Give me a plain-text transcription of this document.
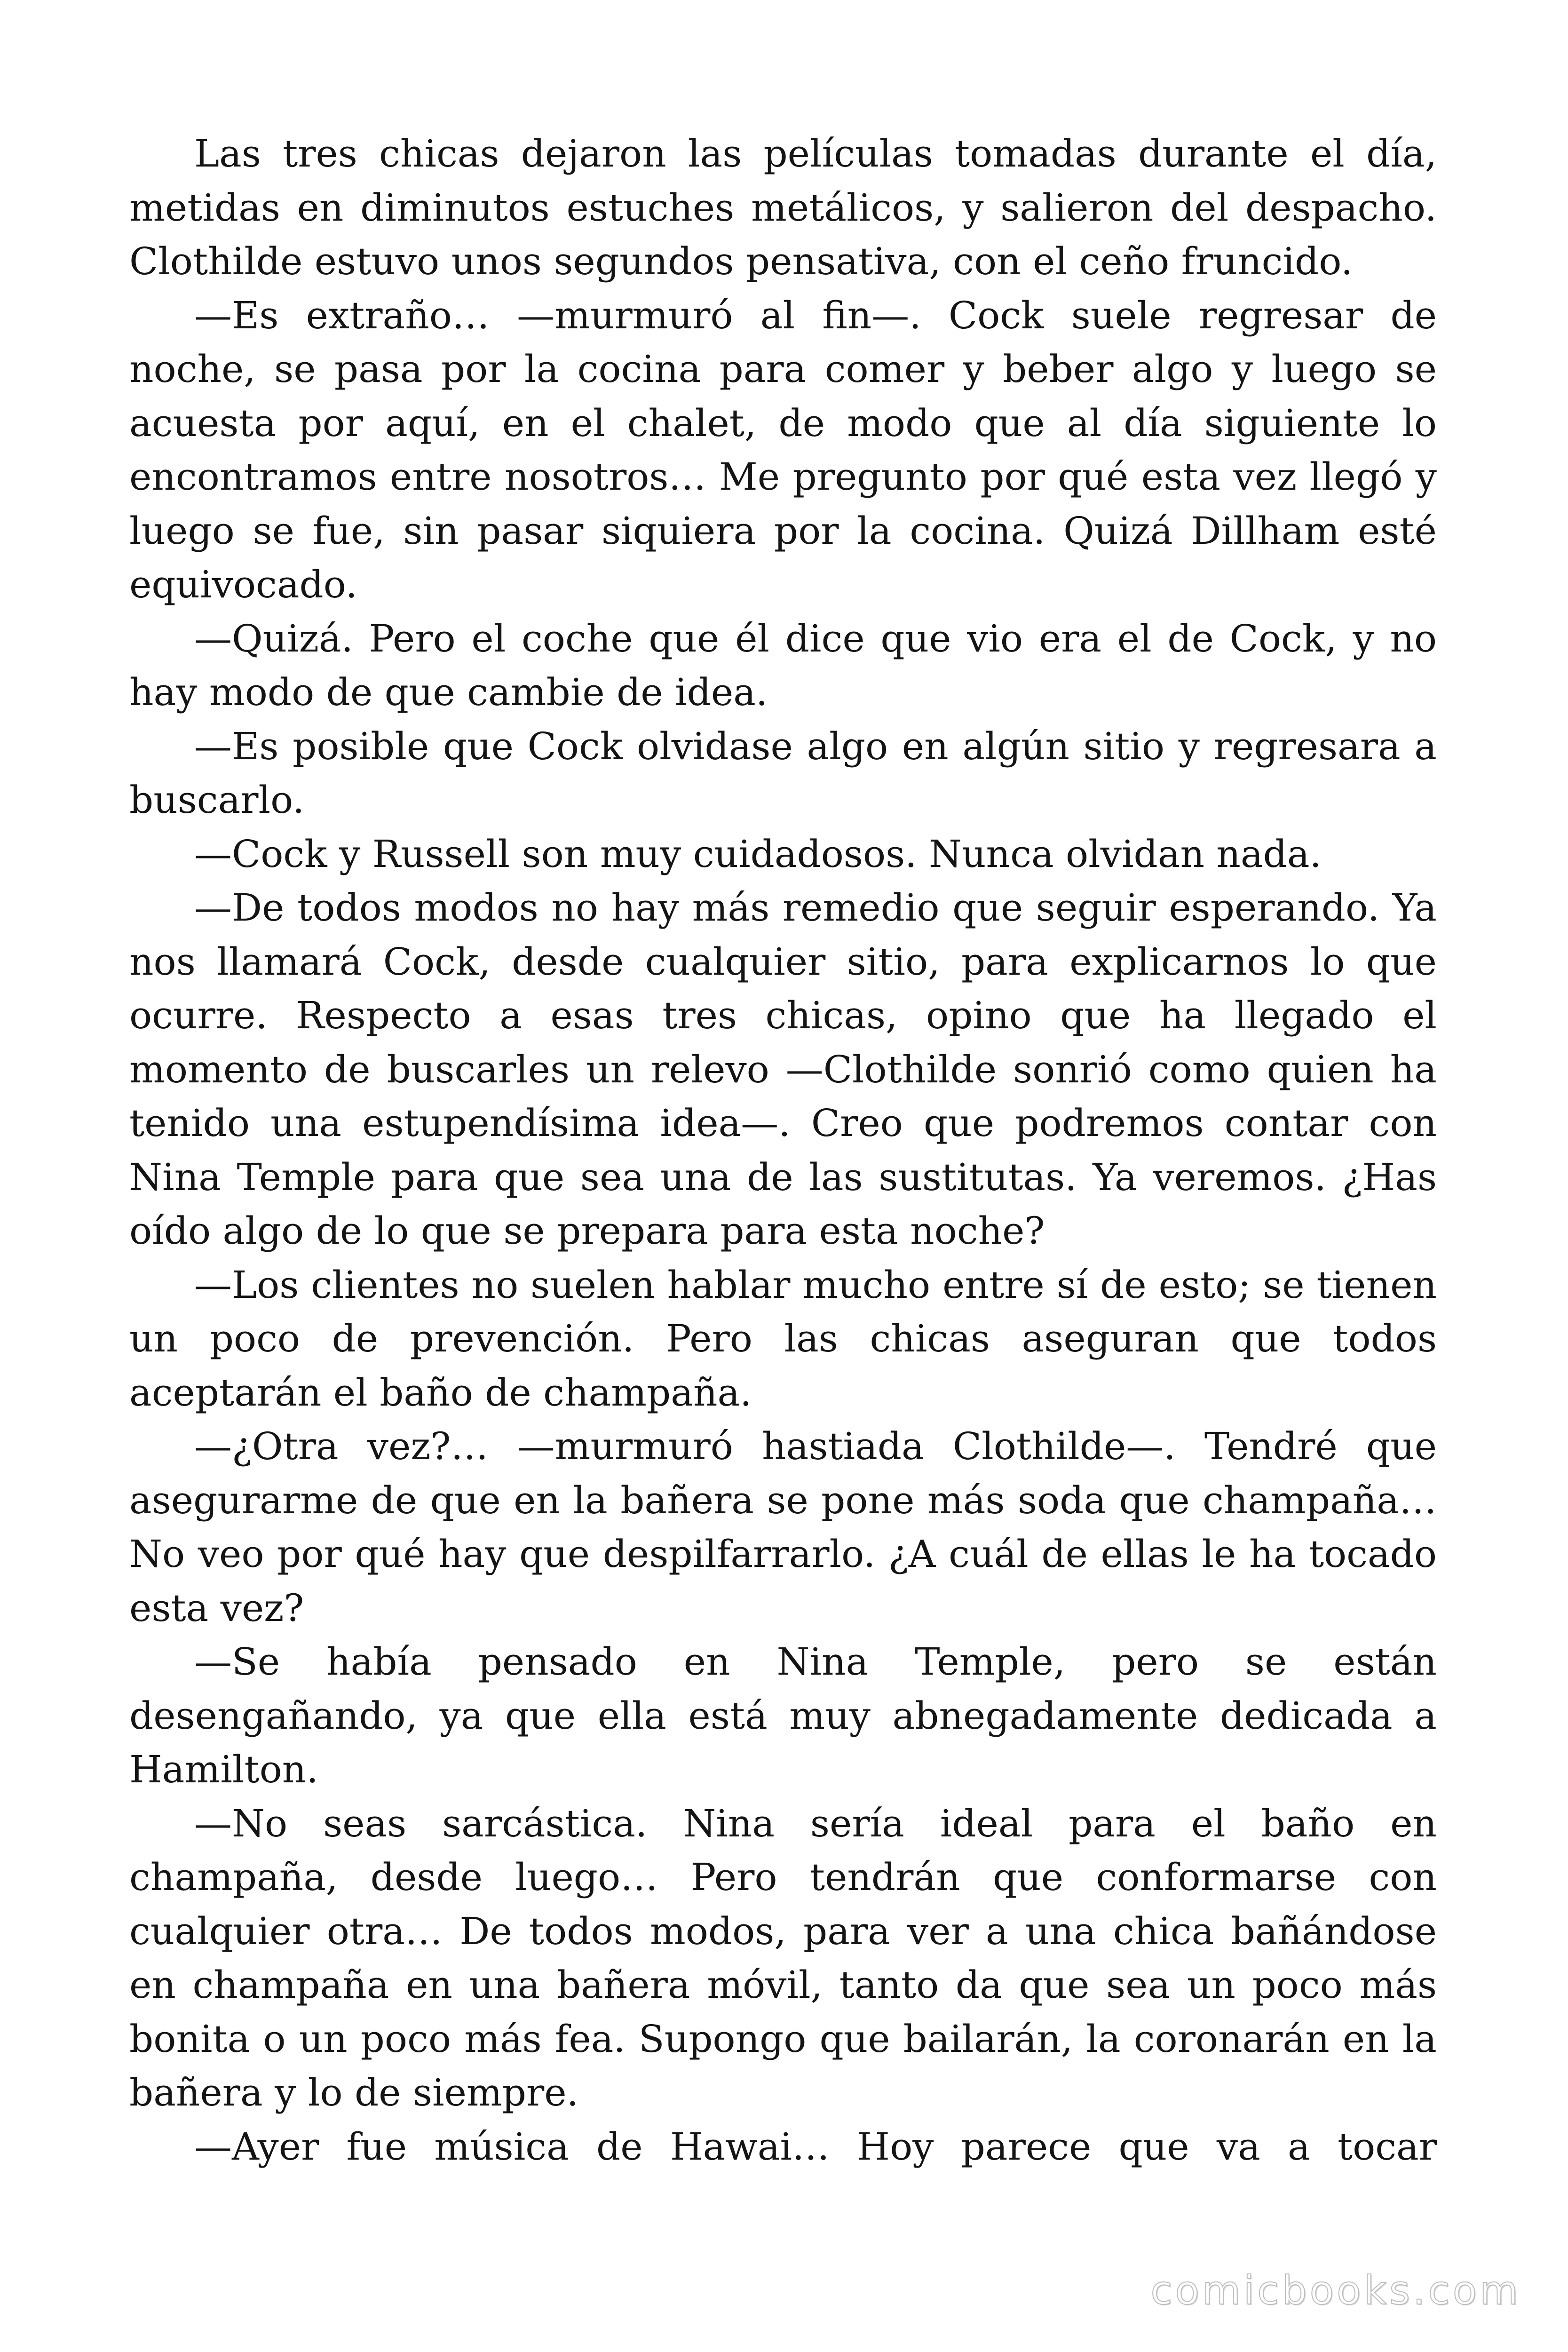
Las tres chicas dejaron las películas tomadas durante el día, metidas en diminutos estuches metálicos, y salieron del despacho. Clothilde estuvo unos segundos pensativa, con el ceño fruncido.

—Es extraño… —murmuró al fin—. Cock suele regresar de noche, se pasa por la cocina para comer y beber algo y luego se acuesta por aquí, en el chalet, de modo que al día siguiente lo encontramos entre nosotros… Me pregunto por qué esta vez llegó y luego se fue, sin pasar siquiera por la cocina. Quizá Dillham esté equivocado.

—Quizá. Pero el coche que él dice que vio era el de Cock, y no hay modo de que cambie de idea.

—Es posible que Cock olvidase algo en algún sitio y regresara a buscarlo.

—Cock y Russell son muy cuidadosos. Nunca olvidan nada.

—De todos modos no hay más remedio que seguir esperando. Ya nos llamará Cock, desde cualquier sitio, para explicarnos lo que ocurre. Respecto a esas tres chicas, opino que ha llegado el momento de buscarles un relevo —Clothilde sonrió como quien ha tenido una estupendísima idea—. Creo que podremos contar con Nina Temple para que sea una de las sustitutas. Ya veremos. ¿Has oído algo de lo que se prepara para esta noche?

—Los clientes no suelen hablar mucho entre sí de esto; se tienen un poco de prevención. Pero las chicas aseguran que todos aceptarán el baño de champaña.

—¿Otra vez?… —murmuró hastiada Clothilde—. Tendré que asegurarme de que en la bañera se pone más soda que champaña… No veo por qué hay que despilfarrarlo. ¿A cuál de ellas le ha tocado esta vez?

—Se había pensado en Nina Temple, pero se están desengañando, ya que ella está muy abnegadamente dedicada a Hamilton.

—No seas sarcástica. Nina sería ideal para el baño en champaña, desde luego… Pero tendrán que conformarse con cualquier otra… De todos modos, para ver a una chica bañándose en champaña en una bañera móvil, tanto da que sea un poco más bonita o un poco más fea. Supongo que bailarán, la coronarán en la bañera y lo de siempre.

—Ayer fue música de Hawai… Hoy parece que va a tocar

comicbooks.com
